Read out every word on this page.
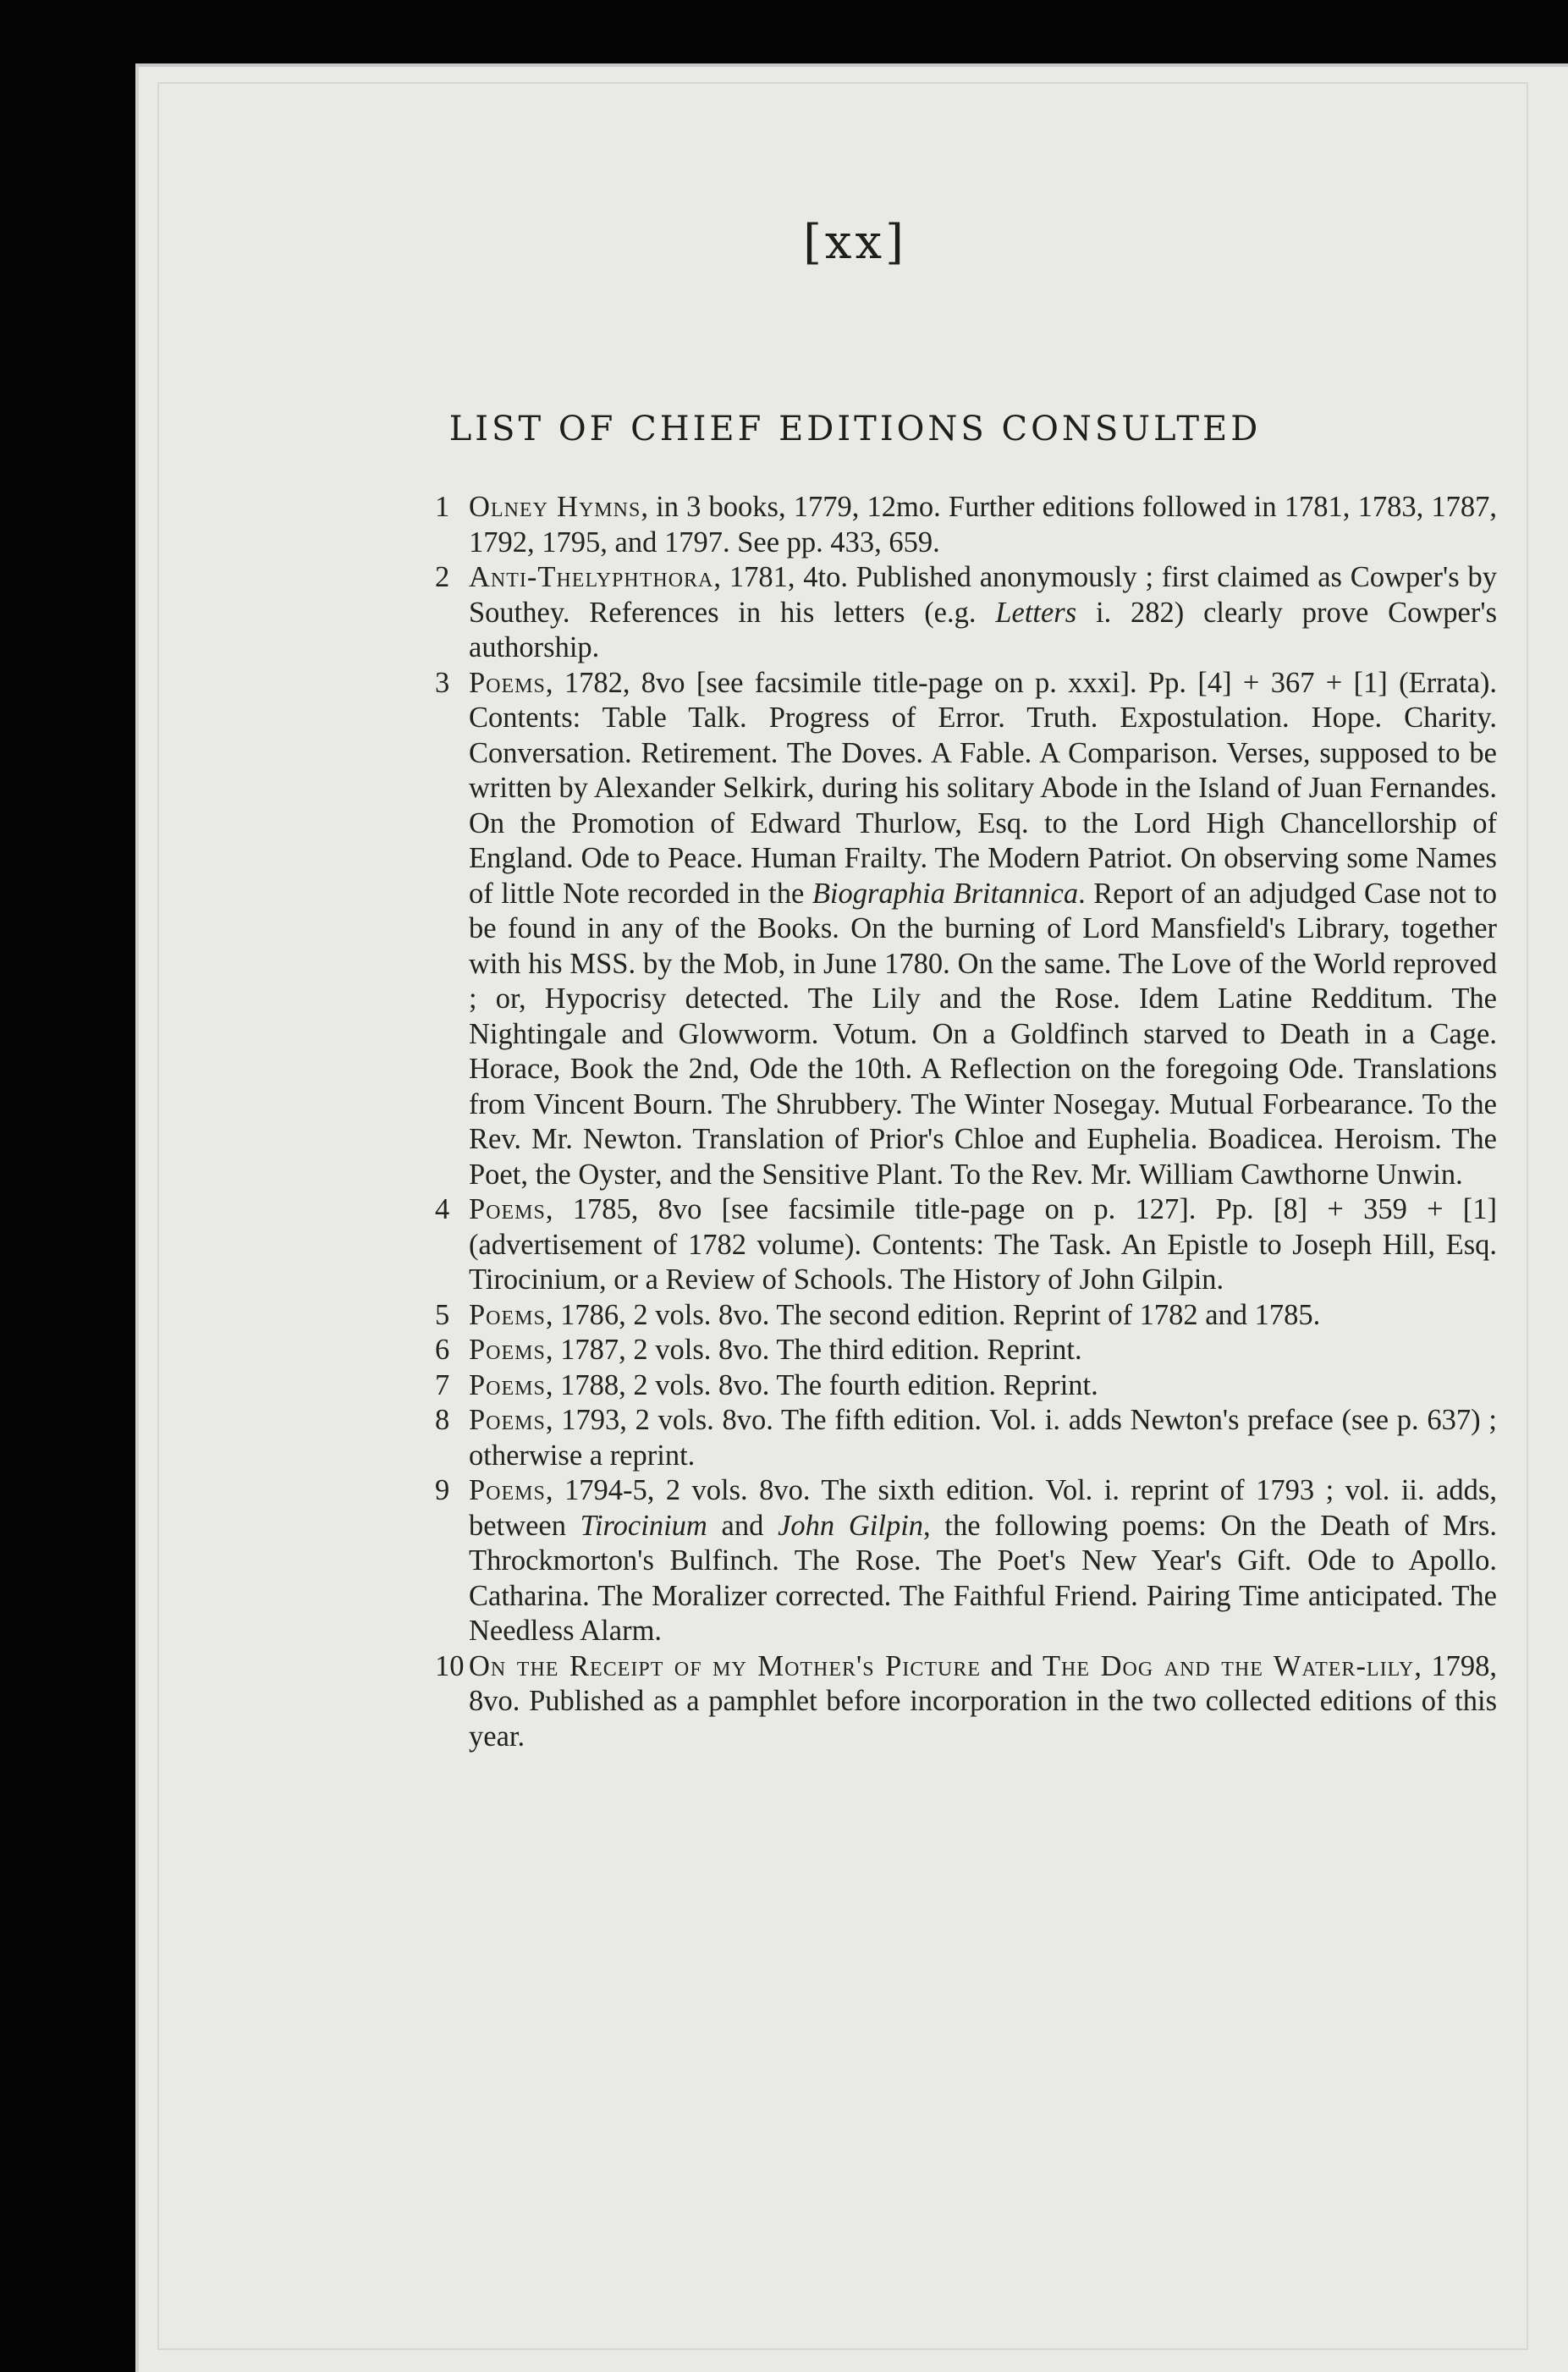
[xx]
LIST OF CHIEF EDITIONS CONSULTED
1 Olney Hymns, in 3 books, 1779, 12mo. Further editions followed in 1781, 1783, 1787, 1792, 1795, and 1797. See pp. 433, 659.
2 Anti-Thelyphthora, 1781, 4to. Published anonymously ; first claimed as Cowper's by Southey. References in his letters (e.g. Letters i. 282) clearly prove Cowper's authorship.
3 Poems, 1782, 8vo [see facsimile title-page on p. xxxi]. Pp. [4] + 367 + [1] (Errata). Contents: Table Talk. Progress of Error. Truth. Expostulation. Hope. Charity. Conversation. Retirement. The Doves. A Fable. A Comparison. Verses, supposed to be written by Alexander Selkirk, during his solitary Abode in the Island of Juan Fernandes. On the Promotion of Edward Thurlow, Esq. to the Lord High Chancellorship of England. Ode to Peace. Human Frailty. The Modern Patriot. On observing some Names of little Note recorded in the Biographia Britannica. Report of an adjudged Case not to be found in any of the Books. On the burning of Lord Mansfield's Library, together with his MSS. by the Mob, in June 1780. On the same. The Love of the World reproved ; or, Hypocrisy detected. The Lily and the Rose. Idem Latine Redditum. The Nightingale and Glowworm. Votum. On a Goldfinch starved to Death in a Cage. Horace, Book the 2nd, Ode the 10th. A Reflection on the foregoing Ode. Translations from Vincent Bourn. The Shrubbery. The Winter Nosegay. Mutual Forbearance. To the Rev. Mr. Newton. Translation of Prior's Chloe and Euphelia. Boadicea. Heroism. The Poet, the Oyster, and the Sensitive Plant. To the Rev. Mr. William Cawthorne Unwin.
4 Poems, 1785, 8vo [see facsimile title-page on p. 127]. Pp. [8] + 359 + [1] (advertisement of 1782 volume). Contents: The Task. An Epistle to Joseph Hill, Esq. Tirocinium, or a Review of Schools. The History of John Gilpin.
5 Poems, 1786, 2 vols. 8vo. The second edition. Reprint of 1782 and 1785.
6 Poems, 1787, 2 vols. 8vo. The third edition. Reprint.
7 Poems, 1788, 2 vols. 8vo. The fourth edition. Reprint.
8 Poems, 1793, 2 vols. 8vo. The fifth edition. Vol. i. adds Newton's preface (see p. 637) ; otherwise a reprint.
9 Poems, 1794-5, 2 vols. 8vo. The sixth edition. Vol. i. reprint of 1793 ; vol. ii. adds, between Tirocinium and John Gilpin, the following poems: On the Death of Mrs. Throckmorton's Bulfinch. The Rose. The Poet's New Year's Gift. Ode to Apollo. Catharina. The Moralizer corrected. The Faithful Friend. Pairing Time anticipated. The Needless Alarm.
10 On the Receipt of my Mother's Picture and The Dog and the Water-lily, 1798, 8vo. Published as a pamphlet before incorporation in the two collected editions of this year.
